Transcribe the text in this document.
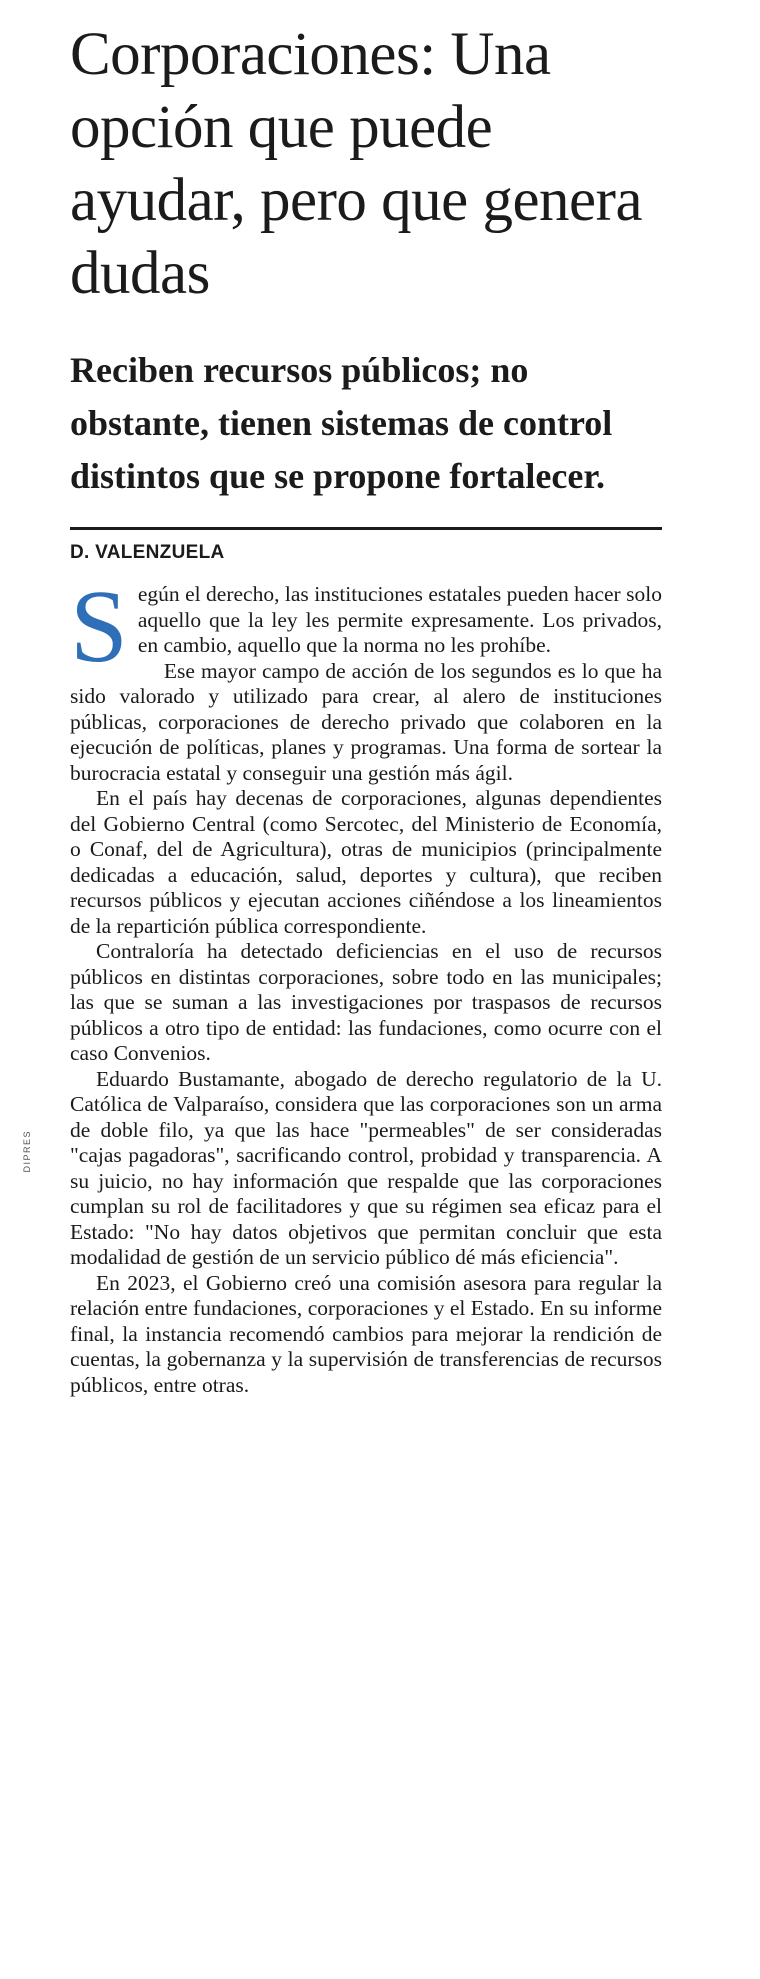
DIPRES
Corporaciones: Una opción que puede ayudar, pero que genera dudas
Reciben recursos públicos; no obstante, tienen sistemas de control distintos que se propone fortalecer.
D. VALENZUELA

Según el derecho, las instituciones estatales pueden hacer solo aquello que la ley les permite expresamente. Los privados, en cambio, aquello que la norma no les prohíbe.

Ese mayor campo de acción de los segundos es lo que ha sido valorado y utilizado para crear, al alero de instituciones públicas, corporaciones de derecho privado que colaboren en la ejecución de políticas, planes y programas. Una forma de sortear la burocracia estatal y conseguir una gestión más ágil.

En el país hay decenas de corporaciones, algunas dependientes del Gobierno Central (como Sercotec, del Ministerio de Economía, o Conaf, del de Agricultura), otras de municipios (principalmente dedicadas a educación, salud, deportes y cultura), que reciben recursos públicos y ejecutan acciones ciñéndose a los lineamientos de la repartición pública correspondiente.

Contraloría ha detectado deficiencias en el uso de recursos públicos en distintas corporaciones, sobre todo en las municipales; las que se suman a las investigaciones por traspasos de recursos públicos a otro tipo de entidad: las fundaciones, como ocurre con el caso Convenios.

Eduardo Bustamante, abogado de derecho regulatorio de la U. Católica de Valparaíso, considera que las corporaciones son un arma de doble filo, ya que las hace "permeables" de ser consideradas "cajas pagadoras", sacrificando control, probidad y transparencia. A su juicio, no hay información que respalde que las corporaciones cumplan su rol de facilitadores y que su régimen sea eficaz para el Estado: "No hay datos objetivos que permitan concluir que esta modalidad de gestión de un servicio público dé más eficiencia".

En 2023, el Gobierno creó una comisión asesora para regular la relación entre fundaciones, corporaciones y el Estado. En su informe final, la instancia recomendó cambios para mejorar la rendición de cuentas, la gobernanza y la supervisión de transferencias de recursos públicos, entre otras.
